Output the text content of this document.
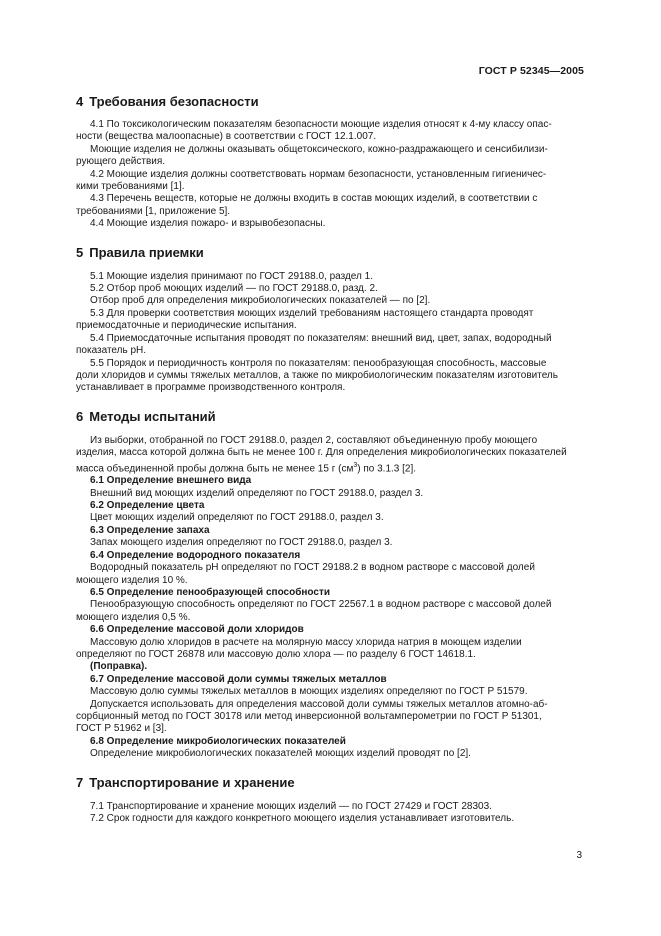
ГОСТ Р 52345—2005
4 Требования безопасности

4.1 По токсикологическим показателям безопасности моющие изделия относят к 4-му классу опас-

ности (вещества малоопасные) в соответствии с ГОСТ 12.1.007.

Моющие изделия не должны оказывать общетоксического, кожно-раздражающего и сенсибилизи-

рующего действия.

4.2 Моющие изделия должны соответствовать нормам безопасности, установленным гигиеничес-

кими требованиями [1].

4.3 Перечень веществ, которые не должны входить в состав моющих изделий, в соответствии с

требованиями [1, приложение 5].

4.4 Моющие изделия пожаро- и взрывобезопасны.

5 Правила приемки

5.1 Моющие изделия принимают по ГОСТ 29188.0, раздел 1.

5.2 Отбор проб моющих изделий — по ГОСТ 29188.0, разд. 2.

Отбор проб для определения микробиологических показателей — по [2].

5.3 Для проверки соответствия моющих изделий требованиям настоящего стандарта проводят

приемосдаточные и периодические испытания.

5.4 Приемосдаточные испытания проводят по показателям: внешний вид, цвет, запах, водородный

показатель рН.

5.5 Порядок и периодичность контроля по показателям: пенообразующая способность, массовые

доли хлоридов и суммы тяжелых металлов, а также по микробиологическим показателям изготовитель

устанавливает в программе производственного контроля.

6 Методы испытаний

Из выборки, отобранной по ГОСТ 29188.0, раздел 2, составляют объединенную пробу моющего

изделия, масса которой должна быть не менее 100 г. Для определения микробиологических показателей

масса объединенной пробы должна быть не менее 15 г $(см^3)$ по 3.1.3 [2].

6.1 Определение внешнего вида

Внешний вид моющих изделий определяют по ГОСТ 29188.0, раздел 3.

6.2 Определение цвета

Цвет моющих изделий определяют по ГОСТ 29188.0, раздел 3.

6.3 Определение запаха

Запах моющего изделия определяют по ГОСТ 29188.0, раздел 3.

6.4 Определение водородного показателя

Водородный показатель рН определяют по ГОСТ 29188.2 в водном растворе с массовой долей

моющего изделия 10 %.

6.5 Определение пенообразующей способности

Пенообразующую способность определяют по ГОСТ 22567.1 в водном растворе с массовой долей

моющего изделия 0,5 %.

6.6 Определение массовой доли хлоридов

Массовую долю хлоридов в расчете на молярную массу хлорида натрия в моющем изделии

определяют по ГОСТ 26878 или массовую долю хлора — по разделу 6 ГОСТ 14618.1.

(Поправка).

6.7 Определение массовой доли суммы тяжелых металлов

Массовую долю суммы тяжелых металлов в моющих изделиях определяют по ГОСТ Р 51579.

Допускается использовать для определения массовой доли суммы тяжелых металлов атомно-аб-

сорбционный метод по ГОСТ 30178 или метод инверсионной вольтамперометрии по ГОСТ Р 51301,

ГОСТ Р 51962 и [3].

6.8 Определение микробиологических показателей

Определение микробиологических показателей моющих изделий проводят по [2].

7 Транспортирование и хранение

7.1 Транспортирование и хранение моющих изделий — по ГОСТ 27429 и ГОСТ 28303.

7.2 Срок годности для каждого конкретного моющего изделия устанавливает изготовитель.

3
